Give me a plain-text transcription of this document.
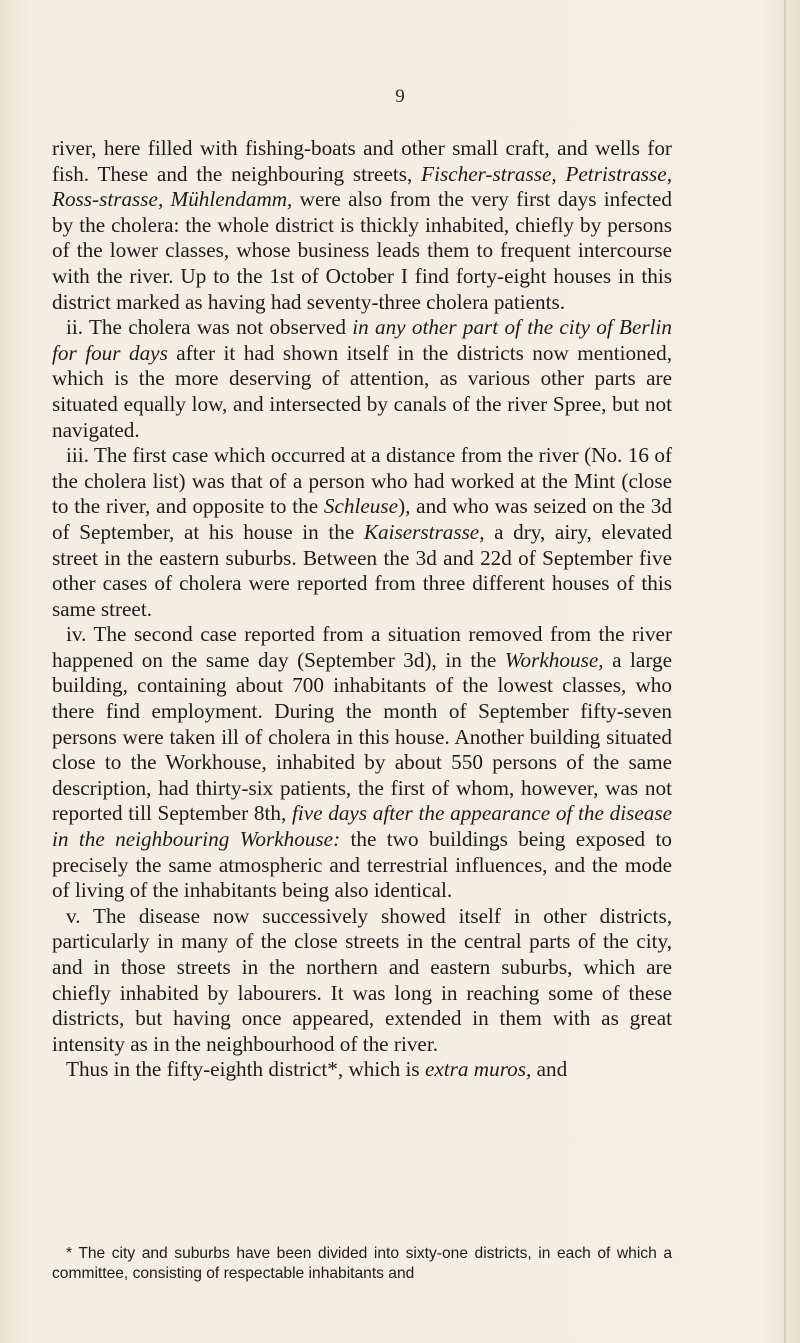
9

river, here filled with fishing-boats and other small craft, and wells for fish. These and the neighbouring streets, Fischer-strasse, Petristrasse, Ross-strasse, Mühlendamm, were also from the very first days infected by the cholera: the whole district is thickly inhabited, chiefly by persons of the lower classes, whose business leads them to frequent intercourse with the river. Up to the 1st of October I find forty-eight houses in this district marked as having had seventy-three cholera patients.

ii. The cholera was not observed in any other part of the city of Berlin for four days after it had shown itself in the districts now mentioned, which is the more deserving of attention, as various other parts are situated equally low, and intersected by canals of the river Spree, but not navigated.

iii. The first case which occurred at a distance from the river (No. 16 of the cholera list) was that of a person who had worked at the Mint (close to the river, and opposite to the Schleuse), and who was seized on the 3d of September, at his house in the Kaiserstrasse, a dry, airy, elevated street in the eastern suburbs. Between the 3d and 22d of September five other cases of cholera were reported from three different houses of this same street.

iv. The second case reported from a situation removed from the river happened on the same day (September 3d), in the Workhouse, a large building, containing about 700 inhabitants of the lowest classes, who there find employment. During the month of September fifty-seven persons were taken ill of cholera in this house. Another building situated close to the Workhouse, inhabited by about 550 persons of the same description, had thirty-six patients, the first of whom, however, was not reported till September 8th, five days after the appearance of the disease in the neighbouring Workhouse: the two buildings being exposed to precisely the same atmospheric and terrestrial influences, and the mode of living of the inhabitants being also identical.

v. The disease now successively showed itself in other districts, particularly in many of the close streets in the central parts of the city, and in those streets in the northern and eastern suburbs, which are chiefly inhabited by labourers. It was long in reaching some of these districts, but having once appeared, extended in them with as great intensity as in the neighbourhood of the river.

Thus in the fifty-eighth district*, which is extra muros, and

* The city and suburbs have been divided into sixty-one districts, in each of which a committee, consisting of respectable inhabitants and
